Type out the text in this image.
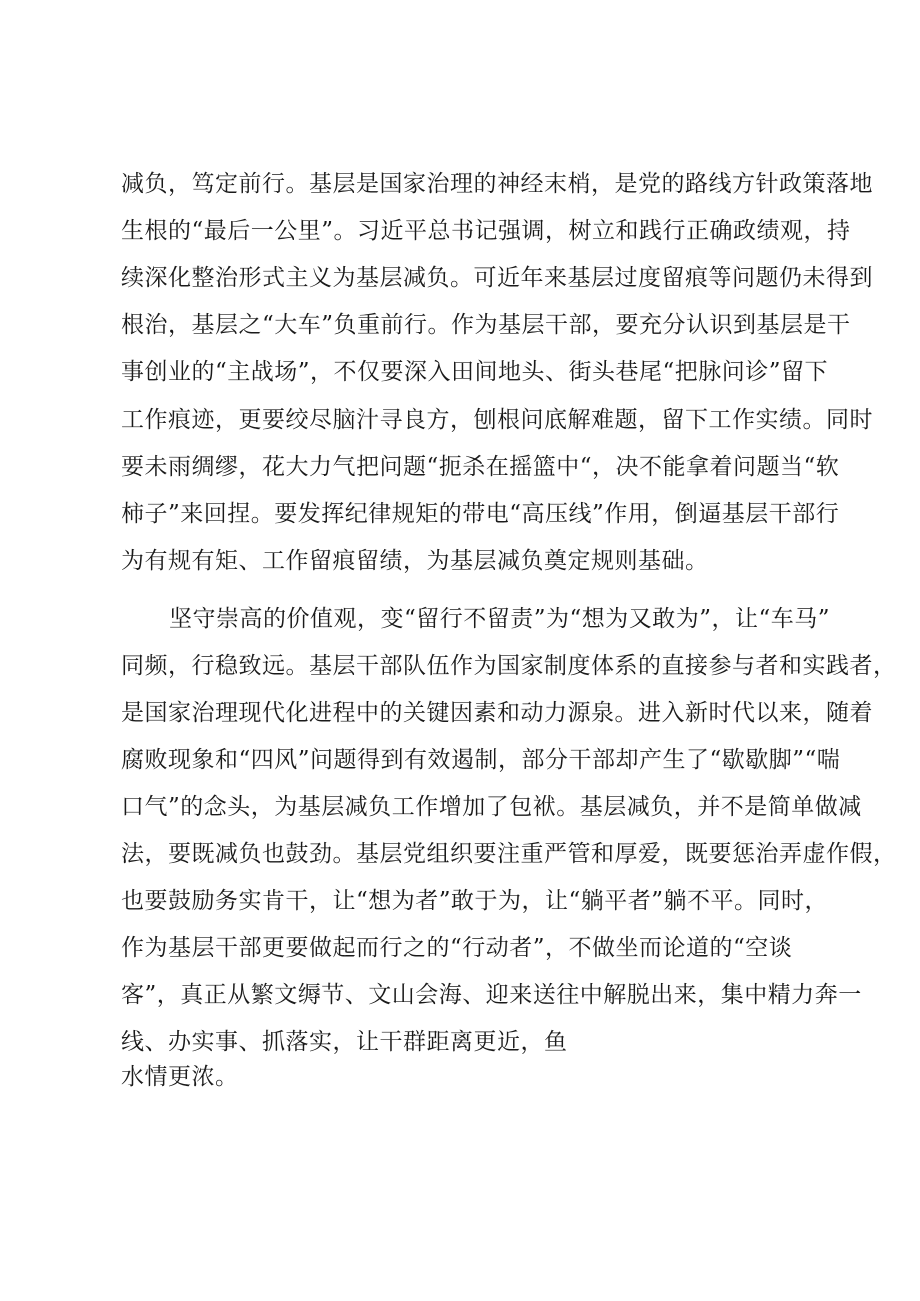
减负，笃定前行。基层是国家治理的神经末梢，是党的路线方针政策落地
生根的“最后一公里”。习近平总书记强调，树立和践行正确政绩观，持
续深化整治形式主义为基层减负。可近年来基层过度留痕等问题仍未得到
根治，基层之“大车”负重前行。作为基层干部，要充分认识到基层是干
事创业的“主战场”，不仅要深入田间地头、街头巷尾“把脉问诊”留下
工作痕迹，更要绞尽脑汁寻良方，刨根问底解难题，留下工作实绩。同时
要未雨绸缪，花大力气把问题“扼杀在摇篮中“，决不能拿着问题当“软
柿子”来回捏。要发挥纪律规矩的带电“高压线”作用，倒逼基层干部行
为有规有矩、工作留痕留绩，为基层减负奠定规则基础。
坚守崇高的价值观，变“留行不留责”为“想为又敢为”，让“车马”
同频，行稳致远。基层干部队伍作为国家制度体系的直接参与者和实践者，
是国家治理现代化进程中的关键因素和动力源泉。进入新时代以来，随着
腐败现象和“四风”问题得到有效遏制，部分干部却产生了“歇歇脚”“喘
口气”的念头，为基层减负工作增加了包袱。基层减负，并不是简单做减
法，要既减负也鼓劲。基层党组织要注重严管和厚爱，既要惩治弄虚作假，
也要鼓励务实肯干，让“想为者”敢于为，让“躺平者”躺不平。同时，
作为基层干部更要做起而行之的“行动者”，不做坐而论道的“空谈
客”，真正从繁文缛节、文山会海、迎来送往中解脱出来，集中精力奔一
线、办实事、抓落实，让干群距离更近，鱼
水情更浓。
